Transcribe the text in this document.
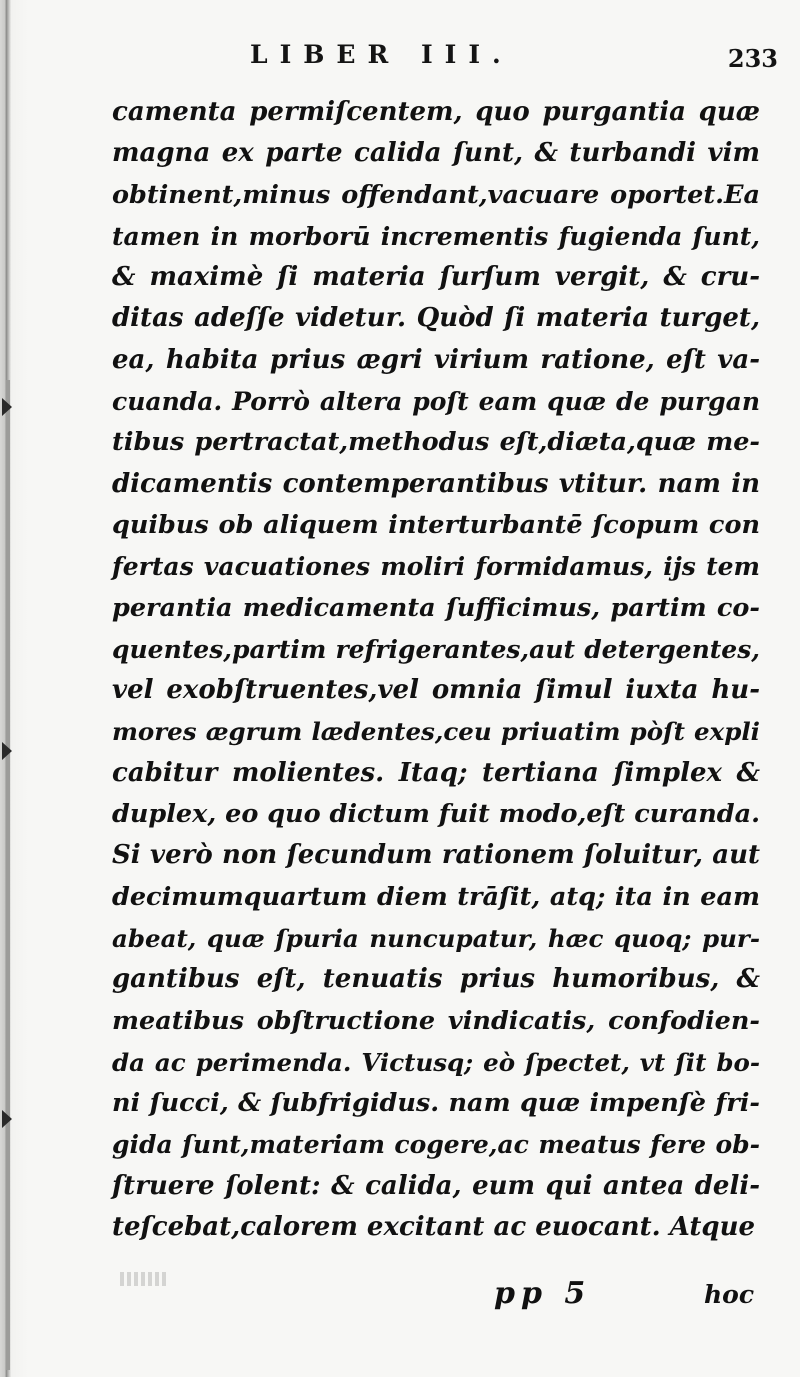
LIBER III.	233
camenta permiſcentem, quo purgantia quæ
magna ex parte calida ſunt, & turbandi vim
obtinent,minus offendant,vacuare oportet.Ea
tamen in morborū incrementis fugienda ſunt,
& maximè ſi materia ſurſum vergit, & cru-
ditas adeſſe videtur. Quòd ſi materia turget,
ea, habita prius ægri virium ratione, eſt va-
cuanda. Porrò altera poſt eam quæ de purgan
tibus pertractat,methodus eſt,diæta,quæ me-
dicamentis contemperantibus vtitur. nam in
quibus ob aliquem interturbantē ſcopum con
fertas vacuationes moliri formidamus, ijs tem
perantia medicamenta ſufficimus, partim co-
quentes,partim refrigerantes,aut detergentes,
vel exobſtruentes,vel omnia ſimul iuxta hu-
mores ægrum lædentes,ceu priuatim pòſt expli
cabitur molientes. Itaq; tertiana ſimplex &
duplex, eo quo dictum fuit modo,eſt curanda.
Si verò non ſecundum rationem ſoluitur, aut
decimumquartum diem trāſit, atq; ita in eam
abeat, quæ ſpuria nuncupatur, hæc quoq; pur-
gantibus eſt, tenuatis prius humoribus, &
meatibus obſtructione vindicatis, confodien-
da ac perimenda. Victusq; eò ſpectet, vt ſit bo-
ni ſucci, & ſubfrigidus. nam quæ impenſè fri-
gida ſunt,materiam cogere,ac meatus fere ob-
ſtruere ſolent: & calida, eum qui antea deli-
teſcebat,calorem excitant ac euocant. Atque
pp 5	hoc
